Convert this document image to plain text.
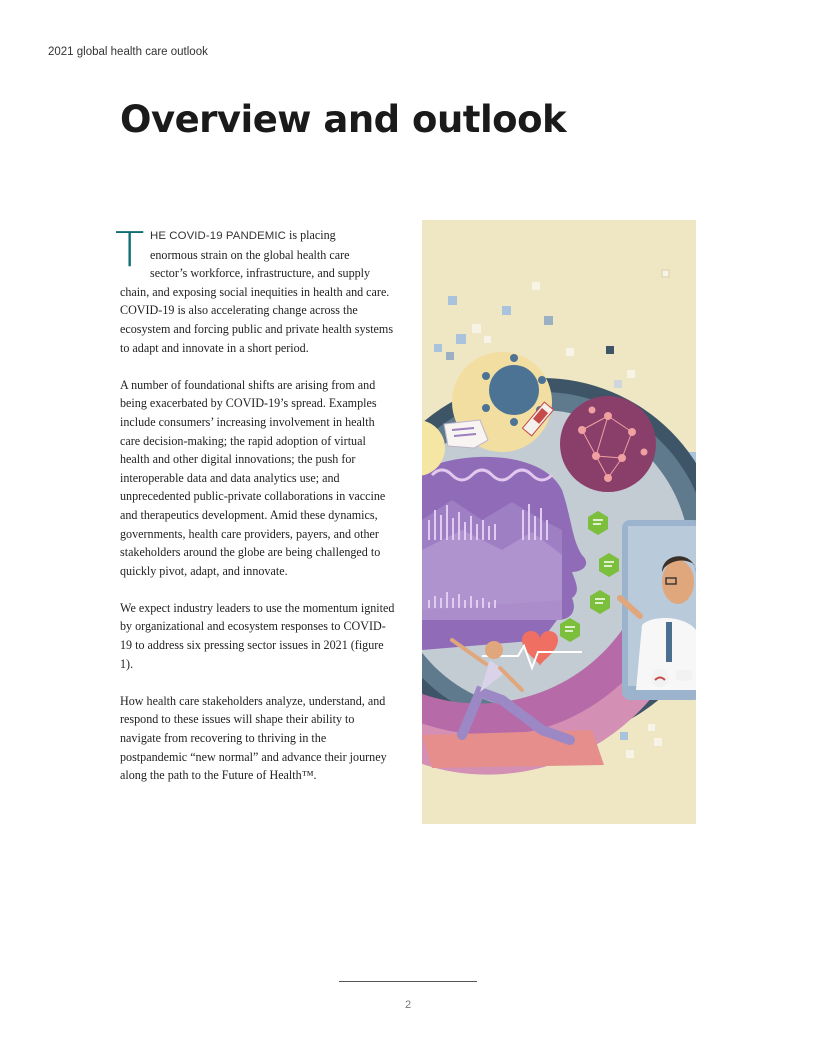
2021 global health care outlook
Overview and outlook

T HE COVID-19 PANDEMIC is placing
enormous strain on the global health care
sector’s workforce, infrastructure, and supply
chain, and exposing social inequities in health and care. COVID-19 is also accelerating change across the ecosystem and forcing public and private health systems to adapt and innovate in a short period.

A number of foundational shifts are arising from and being exacerbated by COVID-19’s spread. Examples include consumers’ increasing involvement in health care decision-making; the rapid adoption of virtual health and other digital innovations; the push for interoperable data and data analytics use; and unprecedented public-private collaborations in vaccine and therapeutics development. Amid these dynamics, governments, health care providers, payers, and other stakeholders around the globe are being challenged to quickly pivot, adapt, and innovate.

We expect industry leaders to use the momentum ignited by organizational and ecosystem responses to COVID-19 to address six pressing sector issues in 2021 (figure 1).

How health care stakeholders analyze, understand, and respond to these issues will shape their ability to navigate from recovering to thriving in the postpandemic “new normal” and advance their journey along the path to the Future of Health™.

2
